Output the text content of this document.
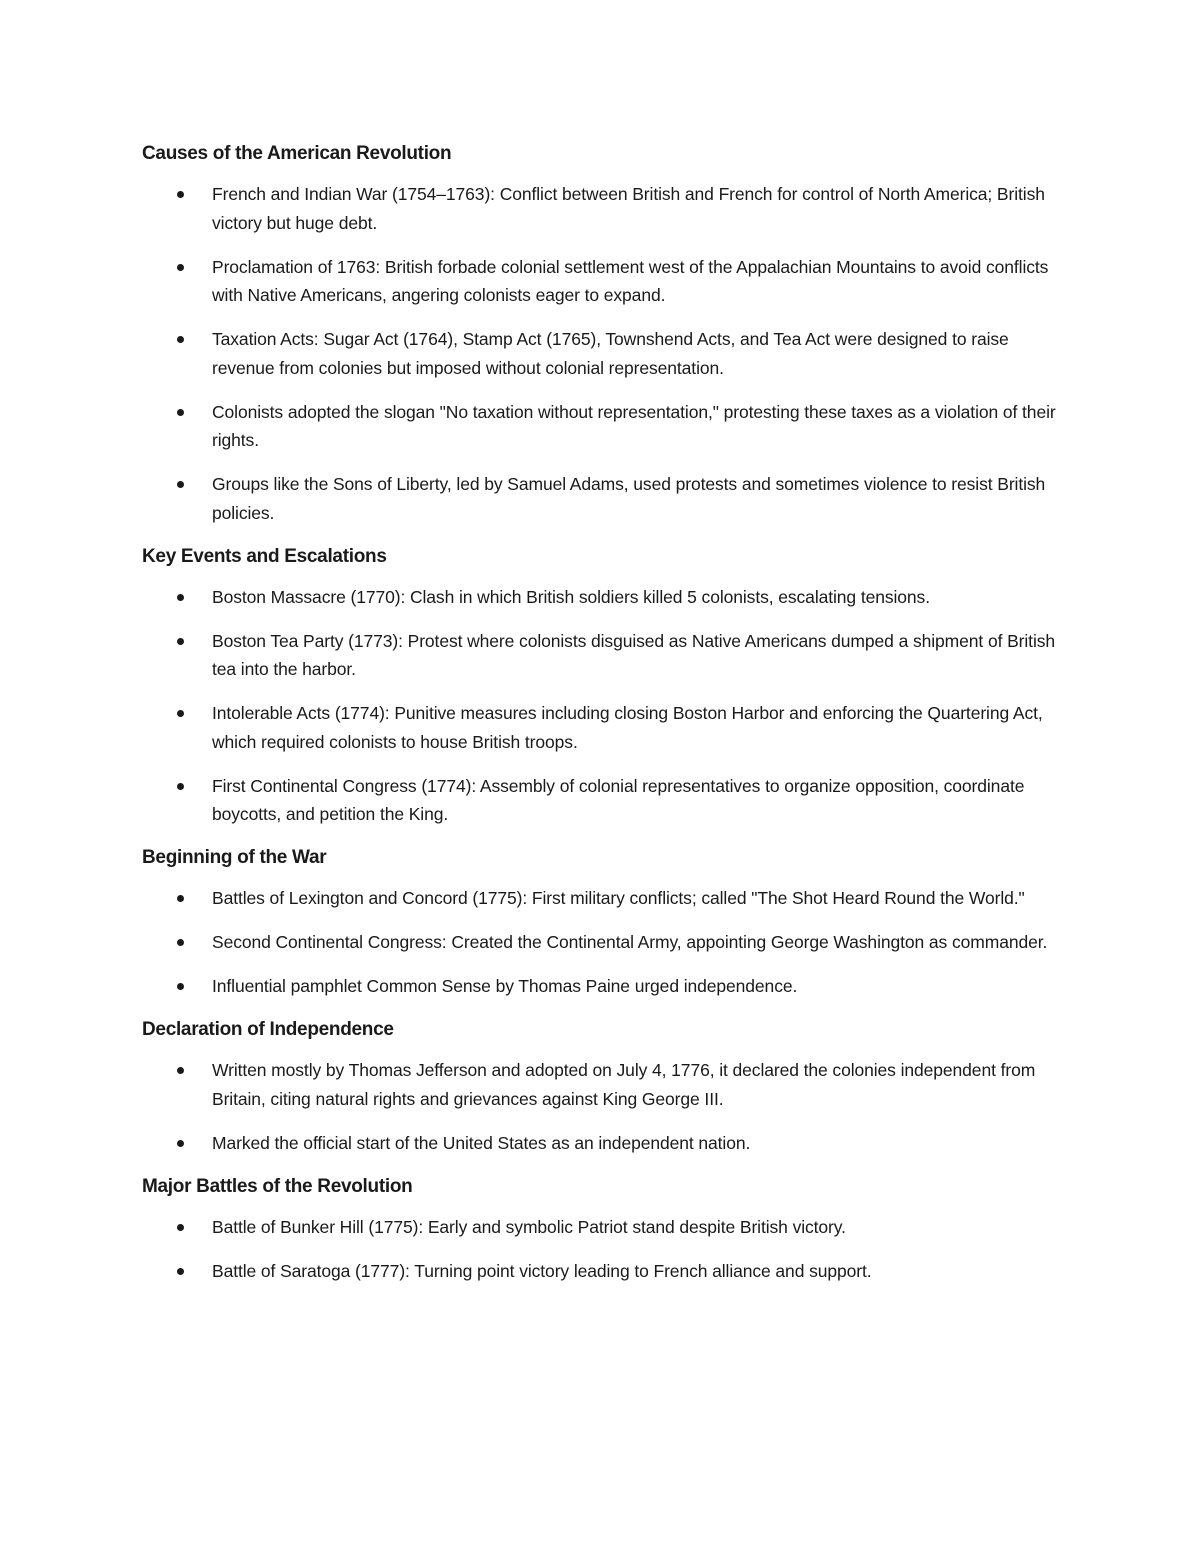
Causes of the American Revolution
French and Indian War (1754–1763): Conflict between British and French for control of North America; British victory but huge debt.
Proclamation of 1763: British forbade colonial settlement west of the Appalachian Mountains to avoid conflicts with Native Americans, angering colonists eager to expand.
Taxation Acts: Sugar Act (1764), Stamp Act (1765), Townshend Acts, and Tea Act were designed to raise revenue from colonies but imposed without colonial representation.
Colonists adopted the slogan "No taxation without representation," protesting these taxes as a violation of their rights.
Groups like the Sons of Liberty, led by Samuel Adams, used protests and sometimes violence to resist British policies.
Key Events and Escalations
Boston Massacre (1770): Clash in which British soldiers killed 5 colonists, escalating tensions.
Boston Tea Party (1773): Protest where colonists disguised as Native Americans dumped a shipment of British tea into the harbor.
Intolerable Acts (1774): Punitive measures including closing Boston Harbor and enforcing the Quartering Act, which required colonists to house British troops.
First Continental Congress (1774): Assembly of colonial representatives to organize opposition, coordinate boycotts, and petition the King.
Beginning of the War
Battles of Lexington and Concord (1775): First military conflicts; called "The Shot Heard Round the World."
Second Continental Congress: Created the Continental Army, appointing George Washington as commander.
Influential pamphlet Common Sense by Thomas Paine urged independence.
Declaration of Independence
Written mostly by Thomas Jefferson and adopted on July 4, 1776, it declared the colonies independent from Britain, citing natural rights and grievances against King George III.
Marked the official start of the United States as an independent nation.
Major Battles of the Revolution
Battle of Bunker Hill (1775): Early and symbolic Patriot stand despite British victory.
Battle of Saratoga (1777): Turning point victory leading to French alliance and support.
